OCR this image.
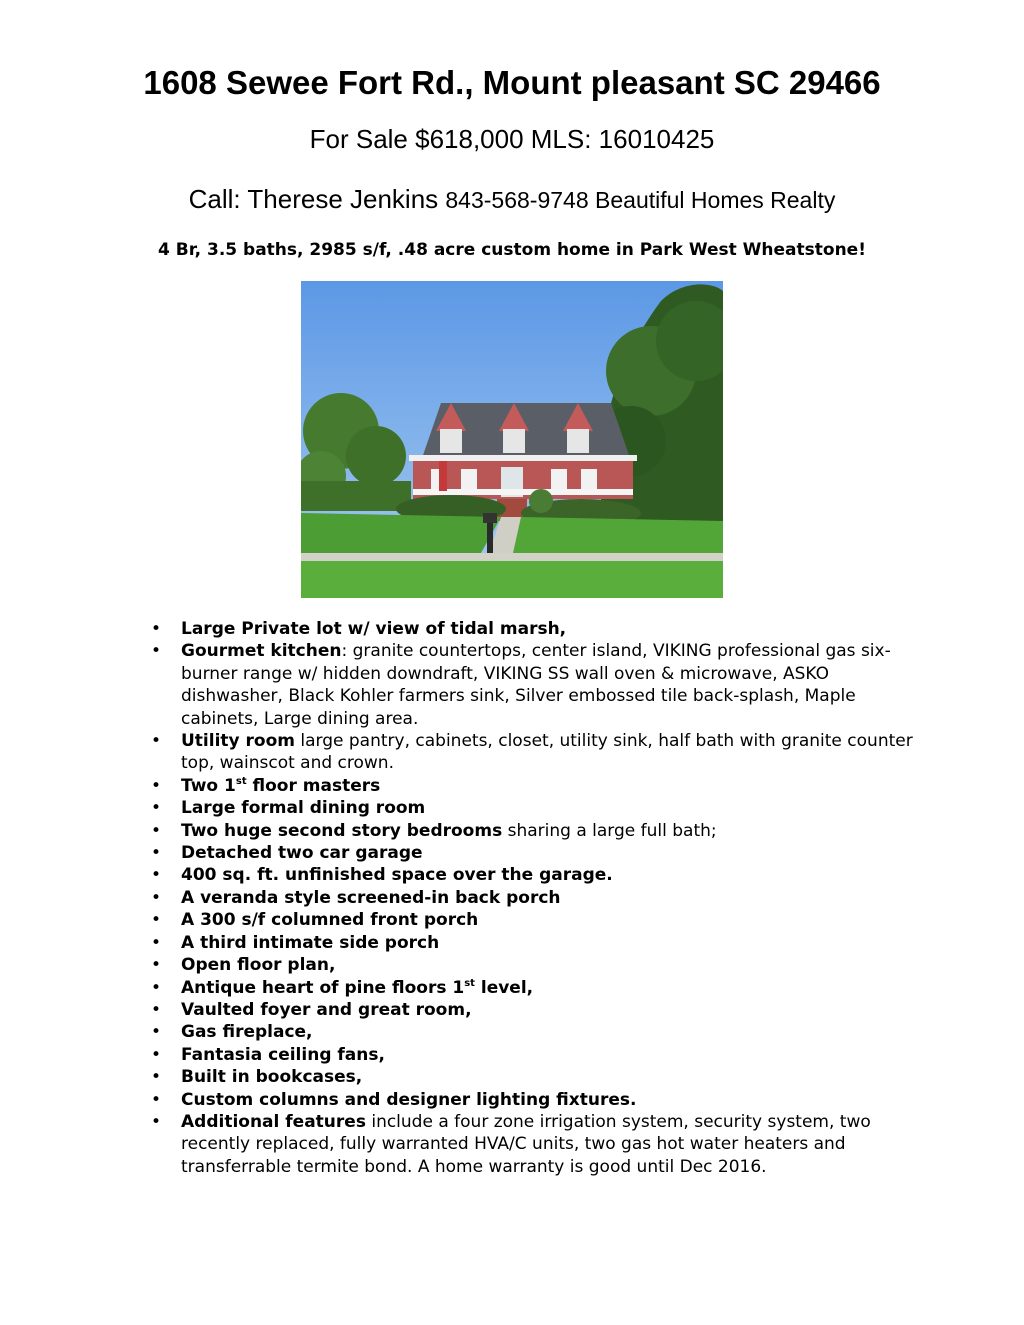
1608 Sewee Fort Rd., Mount pleasant SC 29466
For Sale $618,000 MLS: 16010425
Call: Therese Jenkins 843-568-9748 Beautiful Homes Realty
4 Br, 3.5 baths, 2985 s/f, .48 acre custom home in Park West Wheatstone!
• Large Private lot w/ view of tidal marsh,
• Gourmet kitchen: granite countertops, center island, VIKING professional gas six-burner range w/ hidden downdraft, VIKING SS wall oven & microwave, ASKO dishwasher, Black Kohler farmers sink, Silver embossed tile back-splash, Maple cabinets, Large dining area.
• Utility room large pantry, cabinets, closet, utility sink, half bath with granite counter top, wainscot and crown.
• Two 1st floor masters
• Large formal dining room
• Two huge second story bedrooms sharing a large full bath;
• Detached two car garage
• 400 sq. ft. unfinished space over the garage.
• A veranda style screened-in back porch
• A 300 s/f columned front porch
• A third intimate side porch
• Open floor plan,
• Antique heart of pine floors 1st level,
• Vaulted foyer and great room,
• Gas fireplace,
• Fantasia ceiling fans,
• Built in bookcases,
• Custom columns and designer lighting fixtures.
• Additional features include a four zone irrigation system, security system, two recently replaced, fully warranted HVA/C units, two gas hot water heaters and transferrable termite bond. A home warranty is good until Dec 2016.
